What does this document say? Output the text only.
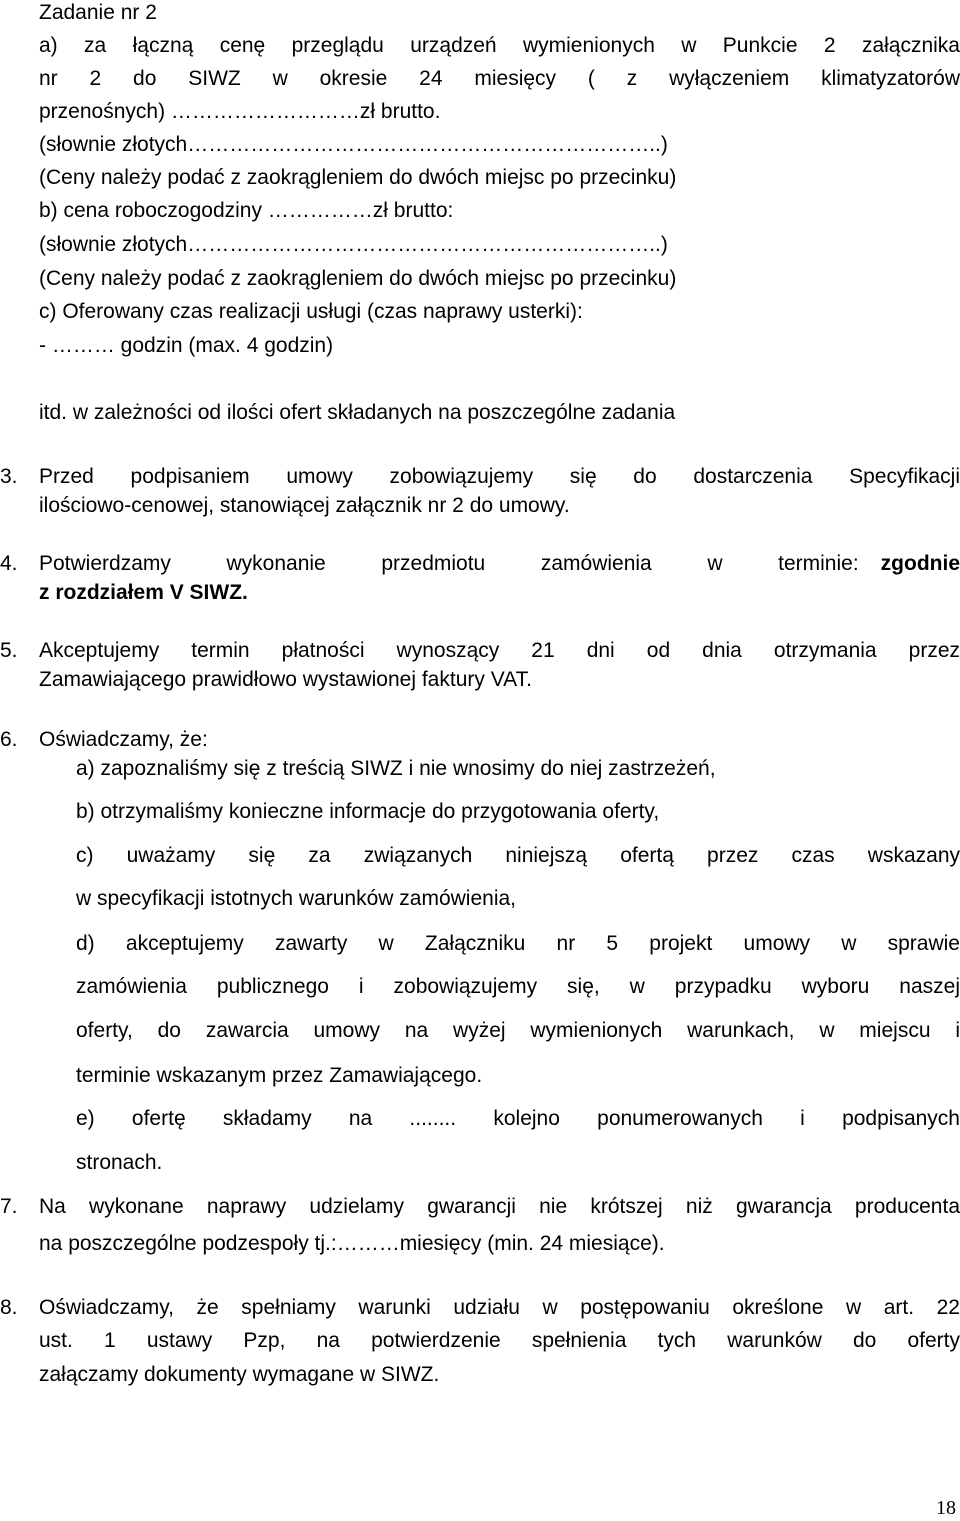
Zadanie nr 2
a) za łączną cenę przeglądu urządzeń wymienionych w Punkcie 2 załącznika
nr 2 do SIWZ w okresie 24 miesięcy ( z wyłączeniem klimatyzatorów
przenośnych) ………………………zł brutto.
(słownie złotych…………………………………………………………..)
(Ceny należy podać z zaokrągleniem do dwóch miejsc po przecinku)
b) cena roboczogodziny ……………zł brutto:
(słownie złotych…………………………………………………………..)
(Ceny należy podać z zaokrągleniem do dwóch miejsc po przecinku)
c) Oferowany czas realizacji usługi (czas naprawy usterki):
- ……… godzin (max. 4 godzin)
itd. w zależności od ilości ofert składanych na poszczególne zadania
3. Przed podpisaniem umowy zobowiązujemy się do dostarczenia Specyfikacji
ilościowo-cenowej, stanowiącej załącznik nr 2 do umowy.
4. Potwierdzamy wykonanie przedmiotu zamówienia w terminie:	zgodnie
z rozdziałem V SIWZ.
5. Akceptujemy termin płatności wynoszący 21 dni od dnia otrzymania przez
Zamawiającego prawidłowo wystawionej faktury VAT.
6. Oświadczamy, że:
a) zapoznaliśmy się z treścią SIWZ i nie wnosimy do niej zastrzeżeń,
b) otrzymaliśmy konieczne informacje do przygotowania oferty,
c) uważamy się za związanych niniejszą ofertą przez czas wskazany
w specyfikacji istotnych warunków zamówienia,
d) akceptujemy zawarty w Załączniku nr 5 projekt umowy w sprawie
zamówienia publicznego i zobowiązujemy się, w przypadku wyboru naszej
oferty, do zawarcia umowy na wyżej wymienionych warunkach, w miejscu i
terminie wskazanym przez Zamawiającego.
e) ofertę składamy na ........ kolejno ponumerowanych i podpisanych
stronach.
7. Na wykonane naprawy udzielamy gwarancji nie krótszej niż gwarancja producenta
na poszczególne podzespoły tj.:………miesięcy (min. 24 miesiące).
8. Oświadczamy, że spełniamy warunki udziału w postępowaniu określone w art. 22
ust. 1 ustawy Pzp, na potwierdzenie spełnienia tych warunków do oferty
załączamy dokumenty wymagane w SIWZ.
18
